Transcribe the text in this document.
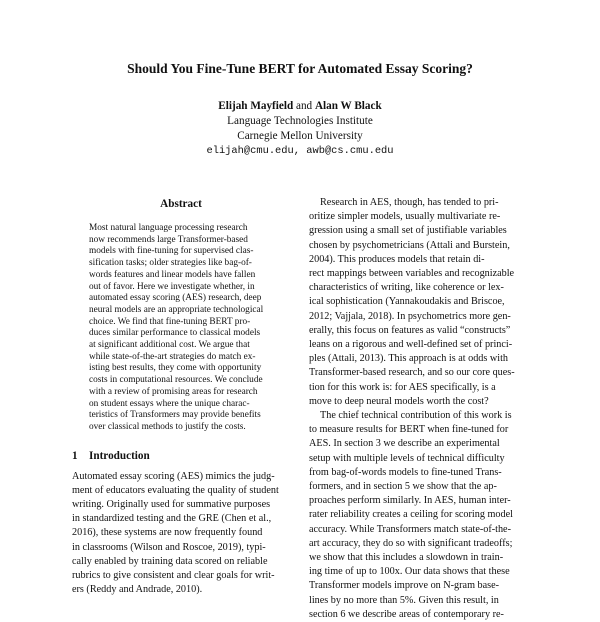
Should You Fine-Tune BERT for Automated Essay Scoring?
Elijah Mayfield and Alan W Black
Language Technologies Institute
Carnegie Mellon University
elijah@cmu.edu, awb@cs.cmu.edu
Abstract
Most natural language processing research
now recommends large Transformer-based
models with fine-tuning for supervised clas-
sification tasks; older strategies like bag-of-
words features and linear models have fallen
out of favor. Here we investigate whether, in
automated essay scoring (AES) research, deep
neural models are an appropriate technological
choice. We find that fine-tuning BERT pro-
duces similar performance to classical models
at significant additional cost. We argue that
while state-of-the-art strategies do match ex-
isting best results, they come with opportunity
costs in computational resources. We conclude
with a review of promising areas for research
on student essays where the unique charac-
teristics of Transformers may provide benefits
over classical methods to justify the costs.
1 Introduction
Automated essay scoring (AES) mimics the judg-
ment of educators evaluating the quality of student
writing. Originally used for summative purposes
in standardized testing and the GRE (Chen et al.,
2016), these systems are now frequently found
in classrooms (Wilson and Roscoe, 2019), typi-
cally enabled by training data scored on reliable
rubrics to give consistent and clear goals for writ-
ers (Reddy and Andrade, 2010).
Research in AES, though, has tended to pri-
oritize simpler models, usually multivariate re-
gression using a small set of justifiable variables
chosen by psychometricians (Attali and Burstein,
2004). This produces models that retain di-
rect mappings between variables and recognizable
characteristics of writing, like coherence or lex-
ical sophistication (Yannakoudakis and Briscoe,
2012; Vajjala, 2018). In psychometrics more gen-
erally, this focus on features as valid “constructs”
leans on a rigorous and well-defined set of princi-
ples (Attali, 2013). This approach is at odds with
Transformer-based research, and so our core ques-
tion for this work is: for AES specifically, is a
move to deep neural models worth the cost?
The chief technical contribution of this work is
to measure results for BERT when fine-tuned for
AES. In section 3 we describe an experimental
setup with multiple levels of technical difficulty
from bag-of-words models to fine-tuned Trans-
formers, and in section 5 we show that the ap-
proaches perform similarly. In AES, human inter-
rater reliability creates a ceiling for scoring model
accuracy. While Transformers match state-of-the-
art accuracy, they do so with significant tradeoffs;
we show that this includes a slowdown in train-
ing time of up to 100x. Our data shows that these
Transformer models improve on N-gram base-
lines by no more than 5%. Given this result, in
section 6 we describe areas of contemporary re-
